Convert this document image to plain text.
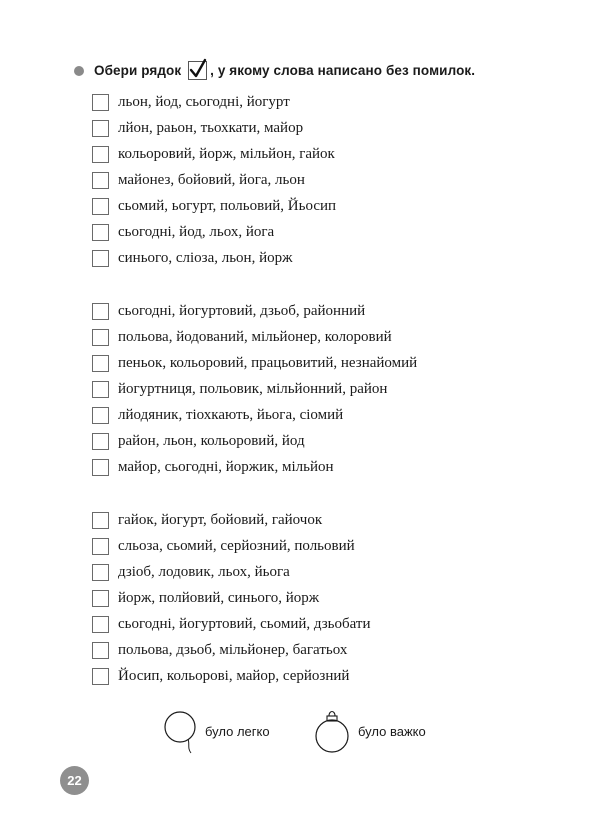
Обери рядок , у якому слова написано без помилок.
льон, йод, сьогодні, йогурт
лйон, раьон, тьохкати, майор
кольоровий, йорж, мільйон, гайок
майонез, бойовий, йога, льон
сьомий, ьогурт, польовий, Йьосип
сьогодні, йод, льох, йога
синього, сліоза, льон, йорж
сьогодні, йогуртовий, дзьоб, районний
польова, йодований, мільйонер, колоровий
пеньок, кольоровий, працьовитий, незнайомий
йогуртниця, польовик, мільйонний, район
лйодяник, тіохкають, йьога, сіомий
район, льон, кольоровий, йод
майор, сьогодні, йоржик, мільйон
гайок, йогурт, бойовий, гайочок
сльоза, сьомий, серйозний, польовий
дзіоб, лодовик, льох, йьога
йорж, полйовий, синього, йорж
сьогодні, йогуртовий, сьомий, дзьобати
польова, дзьоб, мільйонер, багатьох
Йосип, кольорові, майор, серйозний
було легко	було важко
22
